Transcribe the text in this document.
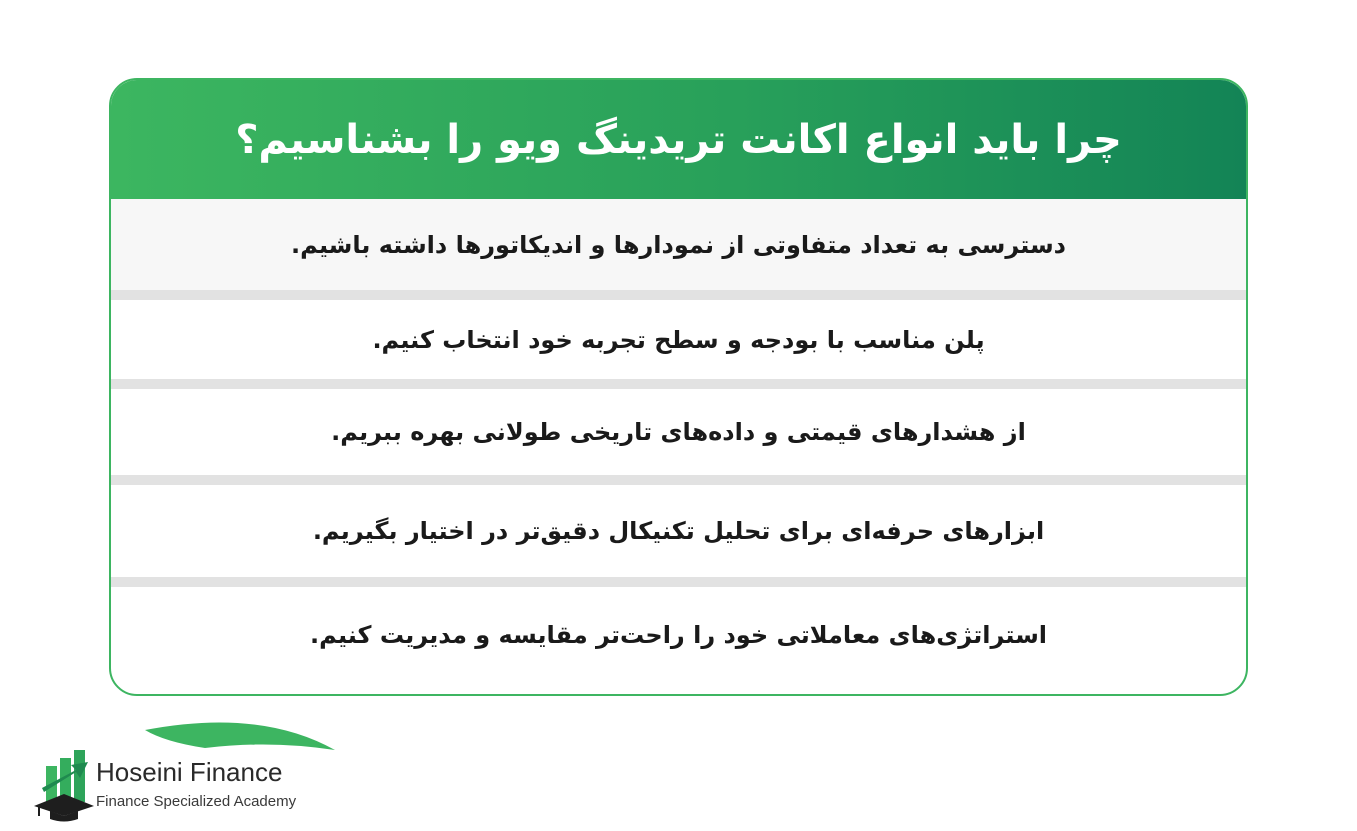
چرا باید انواع اکانت تریدینگ ویو را بشناسیم؟
دسترسی به تعداد متفاوتی از نمودارها و اندیکاتورها داشته باشیم.
پلن مناسب با بودجه و سطح تجربه خود انتخاب کنیم.
از هشدارهای قیمتی و داده‌های تاریخی طولانی بهره ببریم.
ابزارهای حرفه‌ای برای تحلیل تکنیکال دقیق‌تر در اختیار بگیریم.
استراتژی‌های معاملاتی خود را راحت‌تر مقایسه و مدیریت کنیم.
Hoseini Finance
Finance Specialized Academy
